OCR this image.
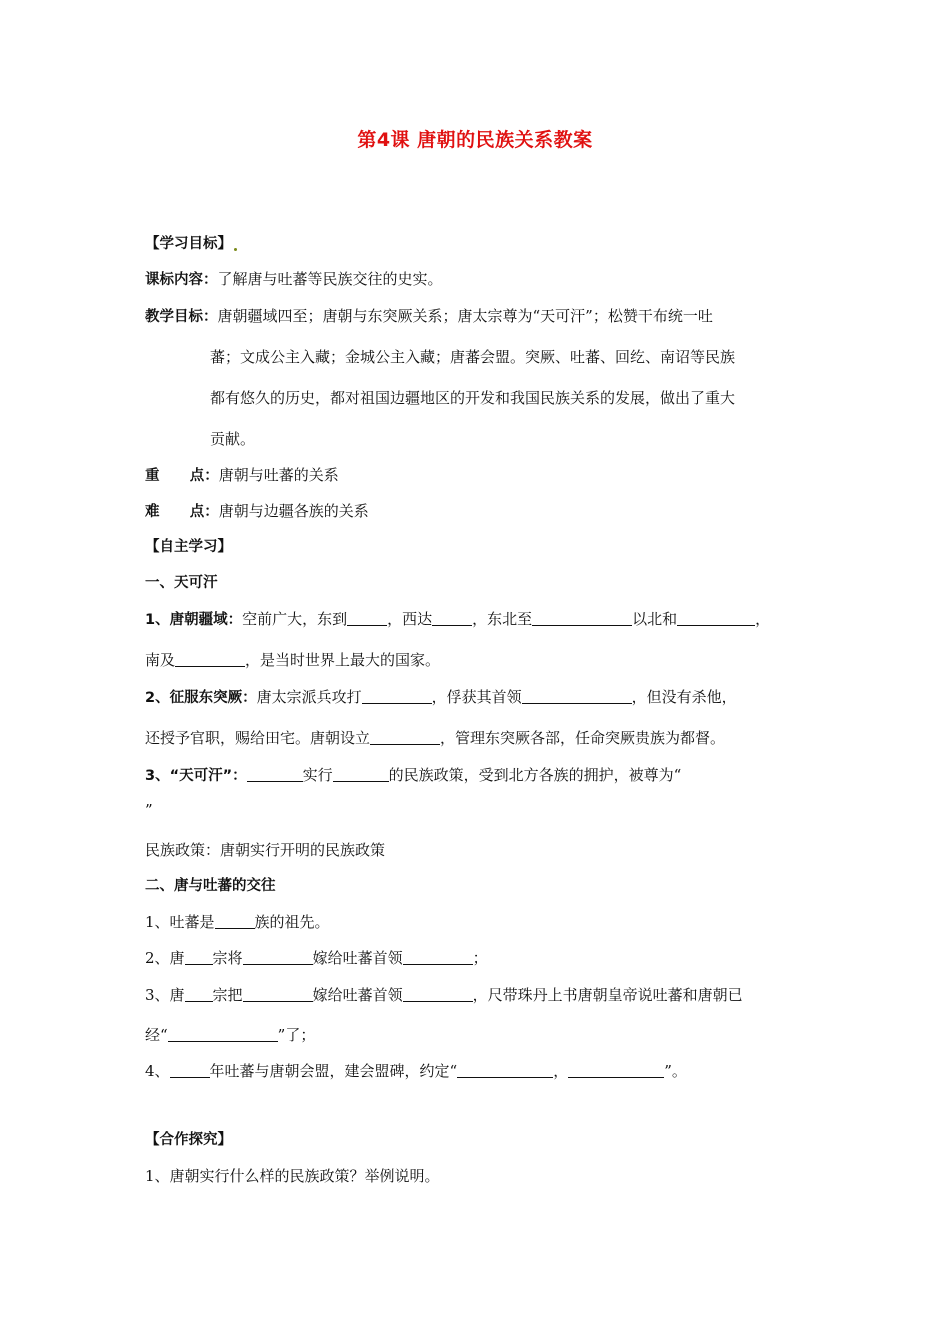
第4课 唐朝的民族关系教案
【学习目标】
课标内容：了解唐与吐蕃等民族交往的史实。
教学目标：唐朝疆域四至；唐朝与东突厥关系；唐太宗尊为“天可汗”；松赞干布统一吐
蕃；文成公主入藏；金城公主入藏；唐蕃会盟。突厥、吐蕃、回纥、南诏等民族
都有悠久的历史，都对祖国边疆地区的开发和我国民族关系的发展，做出了重大
贡献。
重      点：唐朝与吐蕃的关系
难      点：唐朝与边疆各族的关系
【自主学习】
一、天可汗
1、唐朝疆域：空前广大，东到	，西达	，东北至	以北和	，
南及	，是当时世界上最大的国家。
2、征服东突厥：唐太宗派兵攻打	，俘获其首领	，但没有杀他，
还授予官职，赐给田宅。唐朝设立	，管理东突厥各部，任命突厥贵族为都督。
3、“天可汗”：	实行	的民族政策，受到北方各族的拥护，被尊为“
”
民族政策：唐朝实行开明的民族政策
二、唐与吐蕃的交往
1、吐蕃是	族的祖先。
2、唐 宗将	嫁给吐蕃首领	；
3、唐 宗把	嫁给吐蕃首领	，尺带珠丹上书唐朝皇帝说吐蕃和唐朝已
经“	”了；
4、	年吐蕃与唐朝会盟，建会盟碑，约定“	，	”。
【合作探究】
1、唐朝实行什么样的民族政策？举例说明。
